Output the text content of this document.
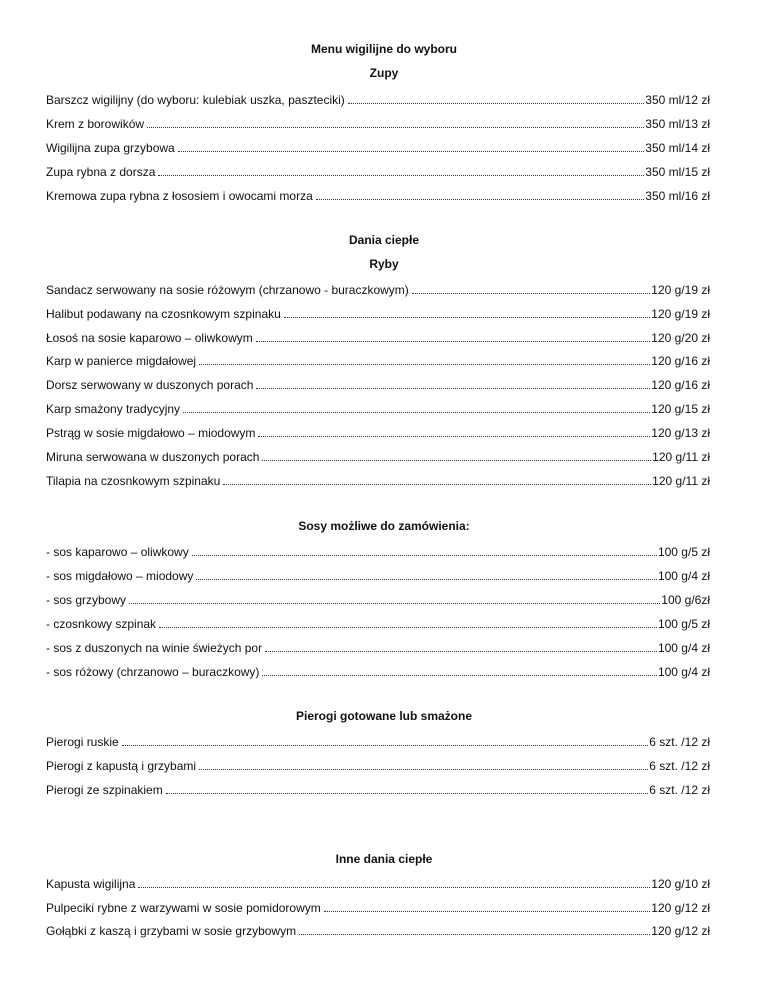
Menu wigilijne do wyboru
Zupy
Barszcz wigilijny (do wyboru: kulebiak uszka, paszteciki)	350 ml/12 zł
Krem z borowików	350 ml/13 zł
Wigilijna zupa grzybowa	350 ml/14 zł
Zupa rybna z dorsza	350 ml/15 zł
Kremowa zupa rybna z łososiem i owocami morza	350 ml/16 zł
Dania ciepłe
Ryby
Sandacz serwowany na sosie różowym (chrzanowo - buraczkowym)	120 g/19 zł
Halibut podawany na czosnkowym szpinaku	120 g/19 zł
Łosoś na sosie kaparowo – oliwkowym	120 g/20 zł
Karp w panierce migdałowej	120 g/16 zł
Dorsz serwowany w duszonych porach	120 g/16 zł
Karp smażony tradycyjny	120 g/15 zł
Pstrąg w sosie migdałowo – miodowym	120 g/13 zł
Miruna serwowana w duszonych porach	120 g/11 zł
Tilapia na czosnkowym szpinaku	120 g/11 zł
Sosy możliwe do zamówienia:
- sos kaparowo – oliwkowy	100 g/5 zł
- sos migdałowo – miodowy	100 g/4 zł
- sos grzybowy	100 g/6zł
- czosnkowy szpinak	100 g/5 zł
- sos z duszonych na winie świeżych por	100 g/4 zł
- sos różowy (chrzanowo – buraczkowy)	100 g/4 zł
Pierogi gotowane lub smażone
Pierogi ruskie	6 szt. /12 zł
Pierogi z kapustą i grzybami	6 szt. /12 zł
Pierogi ze szpinakiem	6 szt. /12 zł
Inne dania ciepłe
Kapusta wigilijna	120 g/10 zł
Pulpeciki rybne z warzywami w sosie pomidorowym	120 g/12 zł
Gołąbki z kaszą i grzybami w sosie grzybowym	120 g/12 zł
